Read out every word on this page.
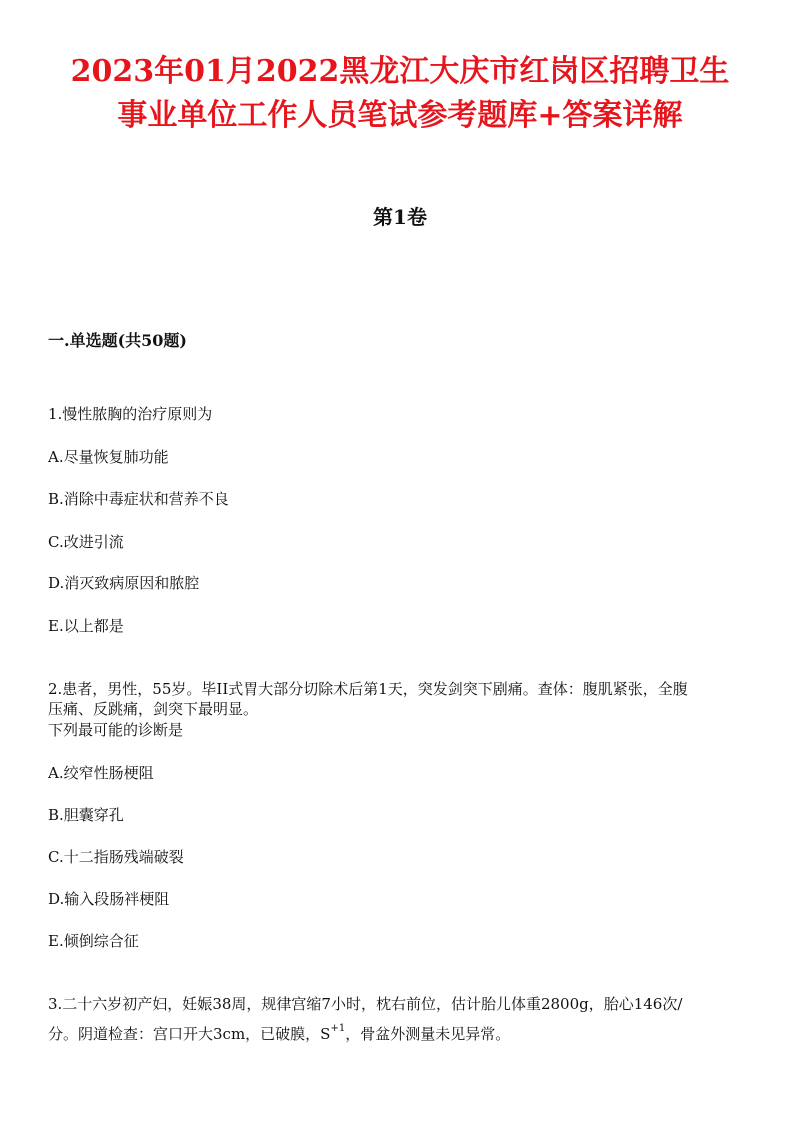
2023年01月2022黑龙江大庆市红岗区招聘卫生
事业单位工作人员笔试参考题库+答案详解
第1卷
一.单选题(共50题)

1.慢性脓胸的治疗原则为

A.尽量恢复肺功能

B.消除中毒症状和营养不良

C.改进引流

D.消灭致病原因和脓腔

E.以上都是

2.患者，男性，55岁。毕II式胃大部分切除术后第1天，突发剑突下剧痛。查体：腹肌紧张，全腹

压痛、反跳痛，剑突下最明显。

下列最可能的诊断是

A.绞窄性肠梗阻

B.胆囊穿孔

C.十二指肠残端破裂

D.输入段肠袢梗阻

E.倾倒综合征

3.二十六岁初产妇，妊娠38周，规律宫缩7小时，枕右前位，估计胎儿体重2800g，胎心146次/

分。阴道检查：宫口开大3cm，已破膜，$S^{+1}$，骨盆外测量未见异常。
